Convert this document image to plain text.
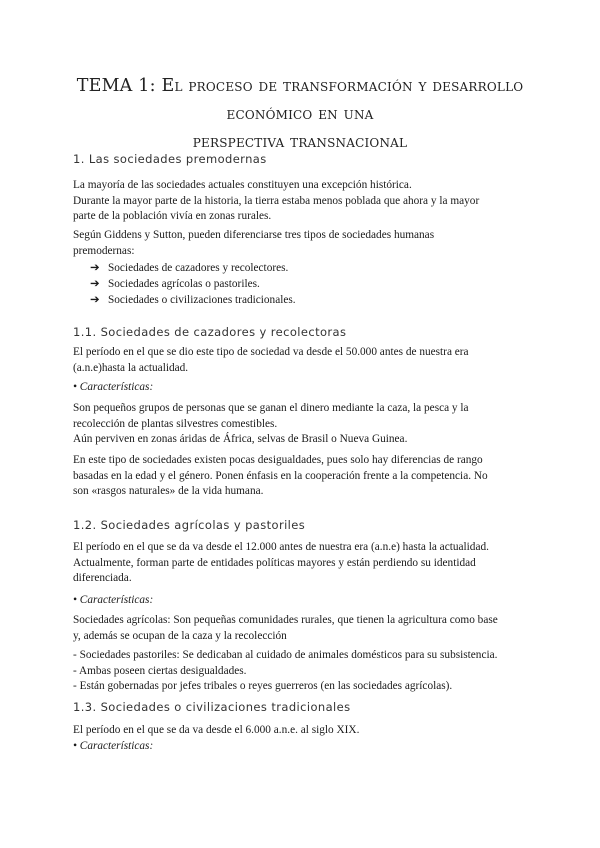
TEMA 1: El proceso de transformación y desarrollo económico en una
perspectiva transnacional
1. Las sociedades premodernas
La mayoría de las sociedades actuales constituyen una excepción histórica.
Durante la mayor parte de la historia, la tierra estaba menos poblada que ahora y la mayor
parte de la población vivía en zonas rurales.
Según Giddens y Sutton, pueden diferenciarse tres tipos de sociedades humanas
premodernas:
➔ Sociedades de cazadores y recolectores.
➔ Sociedades agrícolas o pastoriles.
➔ Sociedades o civilizaciones tradicionales.
1.1. Sociedades de cazadores y recolectoras
El período en el que se dio este tipo de sociedad va desde el 50.000 antes de nuestra era
(a.n.e)hasta la actualidad.
• Características:
Son pequeños grupos de personas que se ganan el dinero mediante la caza, la pesca y la
recolección de plantas silvestres comestibles.
Aún perviven en zonas áridas de África, selvas de Brasil o Nueva Guinea.
En este tipo de sociedades existen pocas desigualdades, pues solo hay diferencias de rango
basadas en la edad y el género. Ponen énfasis en la cooperación frente a la competencia. No
son «rasgos naturales» de la vida humana.
1.2. Sociedades agrícolas y pastoriles
El período en el que se da va desde el 12.000 antes de nuestra era (a.n.e) hasta la actualidad.
Actualmente, forman parte de entidades políticas mayores y están perdiendo su identidad
diferenciada.
• Características:
Sociedades agrícolas: Son pequeñas comunidades rurales, que tienen la agricultura como base
y, además se ocupan de la caza y la recolección
- Sociedades pastoriles: Se dedicaban al cuidado de animales domésticos para su subsistencia.
- Ambas poseen ciertas desigualdades.
- Están gobernadas por jefes tribales o reyes guerreros (en las sociedades agrícolas).
1.3. Sociedades o civilizaciones tradicionales
El período en el que se da va desde el 6.000 a.n.e. al siglo XIX.
• Características:
